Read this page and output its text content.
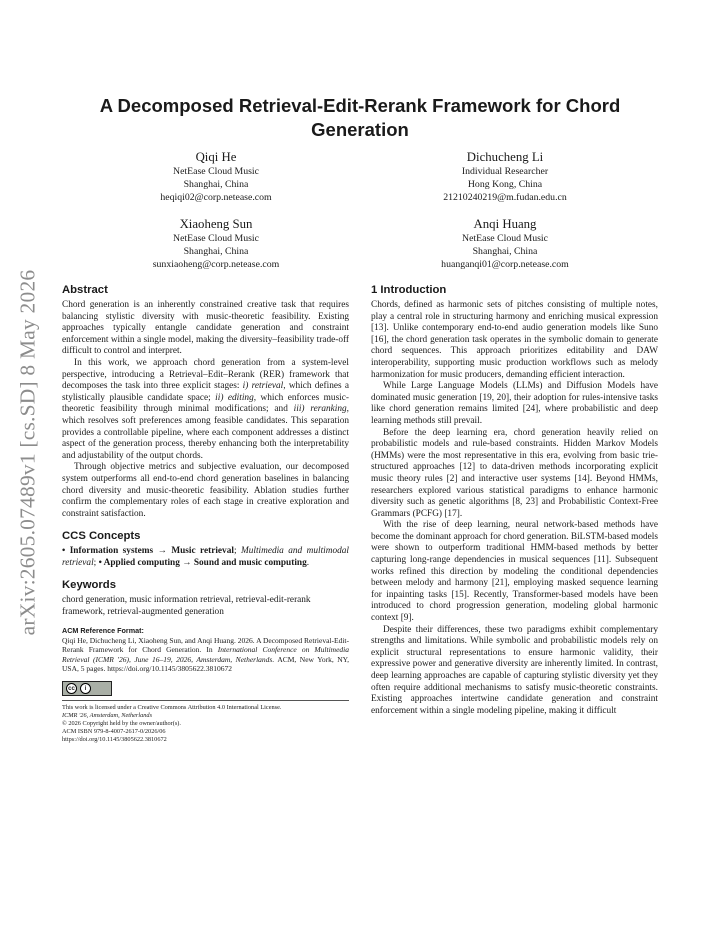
arXiv:2605.07489v1 [cs.SD] 8 May 2026
A Decomposed Retrieval-Edit-Rerank Framework for Chord Generation
Qiqi He
NetEase Cloud Music
Shanghai, China
heqiqi02@corp.netease.com
Dichucheng Li
Individual Researcher
Hong Kong, China
21210240219@m.fudan.edu.cn
Xiaoheng Sun
NetEase Cloud Music
Shanghai, China
sunxiaoheng@corp.netease.com
Anqi Huang
NetEase Cloud Music
Shanghai, China
huanganqi01@corp.netease.com
Abstract

Chord generation is an inherently constrained creative task that requires balancing stylistic diversity with music-theoretic feasibility. Existing approaches typically entangle candidate generation and constraint enforcement within a single model, making the diversity–feasibility trade-off difficult to control and interpret.

In this work, we approach chord generation from a system-level perspective, introducing a Retrieval–Edit–Rerank (RER) framework that decomposes the task into three explicit stages: i) retrieval, which defines a stylistically plausible candidate space; ii) editing, which enforces music-theoretic feasibility through minimal modifications; and iii) reranking, which resolves soft preferences among feasible candidates. This separation provides a controllable pipeline, where each component addresses a distinct aspect of the generation process, thereby enhancing both the interpretability and adjustability of the output chords.

Through objective metrics and subjective evaluation, our decomposed system outperforms all end-to-end chord generation baselines in balancing chord diversity and music-theoretic feasibility. Ablation studies further confirm the complementary roles of each stage in creative exploration and constraint satisfaction.

CCS Concepts

• Information systems → Music retrieval; Multimedia and multimodal retrieval; • Applied computing → Sound and music computing.

Keywords

chord generation, music information retrieval, retrieval-edit-rerank framework, retrieval-augmented generation

ACM Reference Format:

Qiqi He, Dichucheng Li, Xiaoheng Sun, and Anqi Huang. 2026. A Decomposed Retrieval-Edit-Rerank Framework for Chord Generation. In International Conference on Multimedia Retrieval (ICMR '26), June 16–19, 2026, Amsterdam, Netherlands. ACM, New York, NY, USA, 5 pages. https://doi.org/10.1145/3805622.3810672

cc	i
This work is licensed under a Creative Commons Attribution 4.0 International License.
ICMR '26, Amsterdam, Netherlands
© 2026 Copyright held by the owner/author(s).
ACM ISBN 979-8-4007-2617-0/2026/06
https://doi.org/10.1145/3805622.3810672
1 Introduction

Chords, defined as harmonic sets of pitches consisting of multiple notes, play a central role in structuring harmony and enriching musical expression [13]. Unlike contemporary end-to-end audio generation models like Suno [16], the chord generation task operates in the symbolic domain to generate chord sequences. This approach prioritizes editability and DAW interoperability, supporting music production workflows such as melody harmonization for music producers, demanding efficient interaction.

While Large Language Models (LLMs) and Diffusion Models have dominated music generation [19, 20], their adoption for rules-intensive tasks like chord generation remains limited [24], where probabilistic and deep learning methods still prevail.

Before the deep learning era, chord generation heavily relied on probabilistic models and rule-based constraints. Hidden Markov Models (HMMs) were the most representative in this era, evolving from basic trie-structured approaches [12] to data-driven methods incorporating explicit music theory rules [2] and interactive user systems [14]. Beyond HMMs, researchers explored various statistical paradigms to enhance harmonic diversity such as genetic algorithms [8, 23] and Probabilistic Context-Free Grammars (PCFG) [17].

With the rise of deep learning, neural network-based methods have become the dominant approach for chord generation. BiLSTM-based models were shown to outperform traditional HMM-based methods by better capturing long-range dependencies in musical sequences [11]. Subsequent works refined this direction by modeling the conditional dependencies between melody and harmony [21], employing masked sequence learning for inpainting tasks [15]. Recently, Transformer-based models have been introduced to chord progression generation, modeling global harmonic context [9].

Despite their differences, these two paradigms exhibit complementary strengths and limitations. While symbolic and probabilistic models rely on explicit structural representations to ensure harmonic validity, their expressive power and generative diversity are inherently limited. In contrast, deep learning approaches are capable of capturing stylistic diversity yet they often require additional mechanisms to satisfy music-theoretic constraints. Existing approaches intertwine candidate generation and constraint enforcement within a single modeling pipeline, making it difficult
